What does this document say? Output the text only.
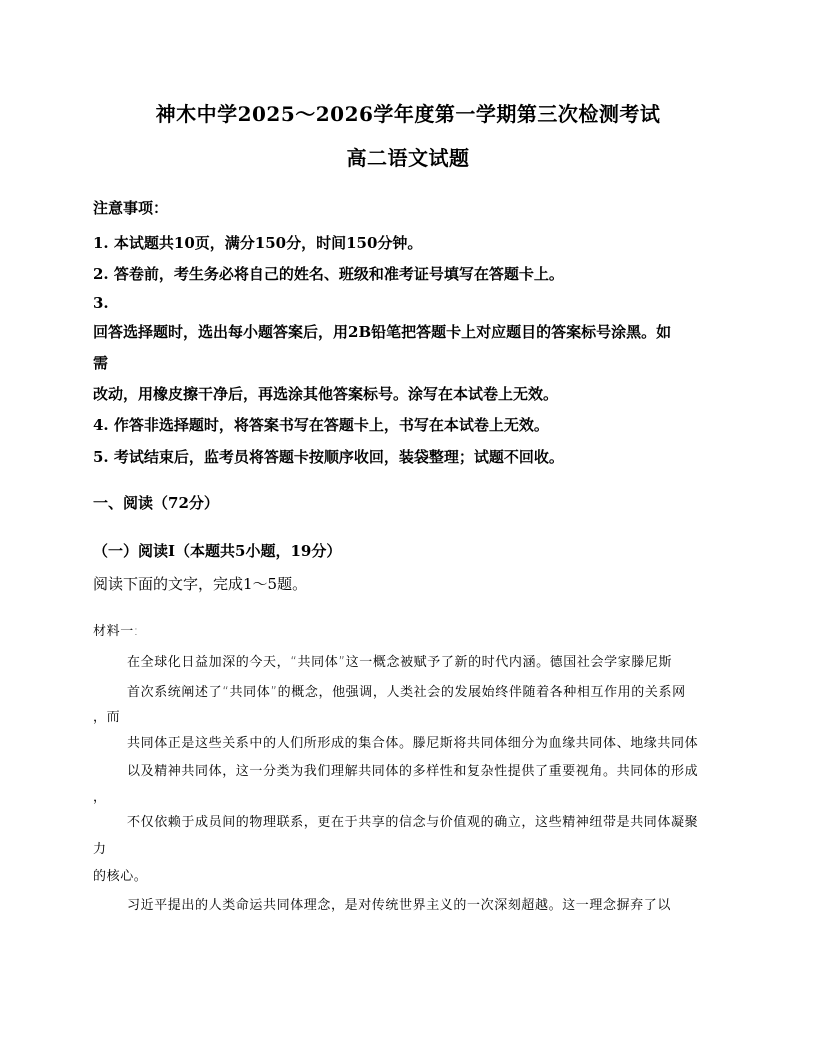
神木中学2025～2026学年度第一学期第三次检测考试
高二语文试题
注意事项：
1. 本试题共10页，满分150分，时间150分钟。
2. 答卷前，考生务必将自己的姓名、班级和准考证号填写在答题卡上。
3.
回答选择题时，选出每小题答案后，用2B铅笔把答题卡上对应题目的答案标号涂黑。如
需
改动，用橡皮擦干净后，再选涂其他答案标号。涂写在本试卷上无效。
4. 作答非选择题时，将答案书写在答题卡上，书写在本试卷上无效。
5. 考试结束后，监考员将答题卡按顺序收回，装袋整理；试题不回收。
一、阅读（72分）
（一）阅读Ⅰ（本题共5小题，19分）
阅读下面的文字，完成1～5题。
材料一:
在全球化日益加深的今天，“共同体”这一概念被赋予了新的时代内涵。德国社会学家滕尼斯
首次系统阐述了“共同体”的概念，他强调，人类社会的发展始终伴随着各种相互作用的关系网
，而
共同体正是这些关系中的人们所形成的集合体。滕尼斯将共同体细分为血缘共同体、地缘共同体
以及精神共同体，这一分类为我们理解共同体的多样性和复杂性提供了重要视角。共同体的形成
，
不仅依赖于成员间的物理联系，更在于共享的信念与价值观的确立，这些精神纽带是共同体凝聚
力
的核心。
习近平提出的人类命运共同体理念，是对传统世界主义的一次深刻超越。这一理念摒弃了以
